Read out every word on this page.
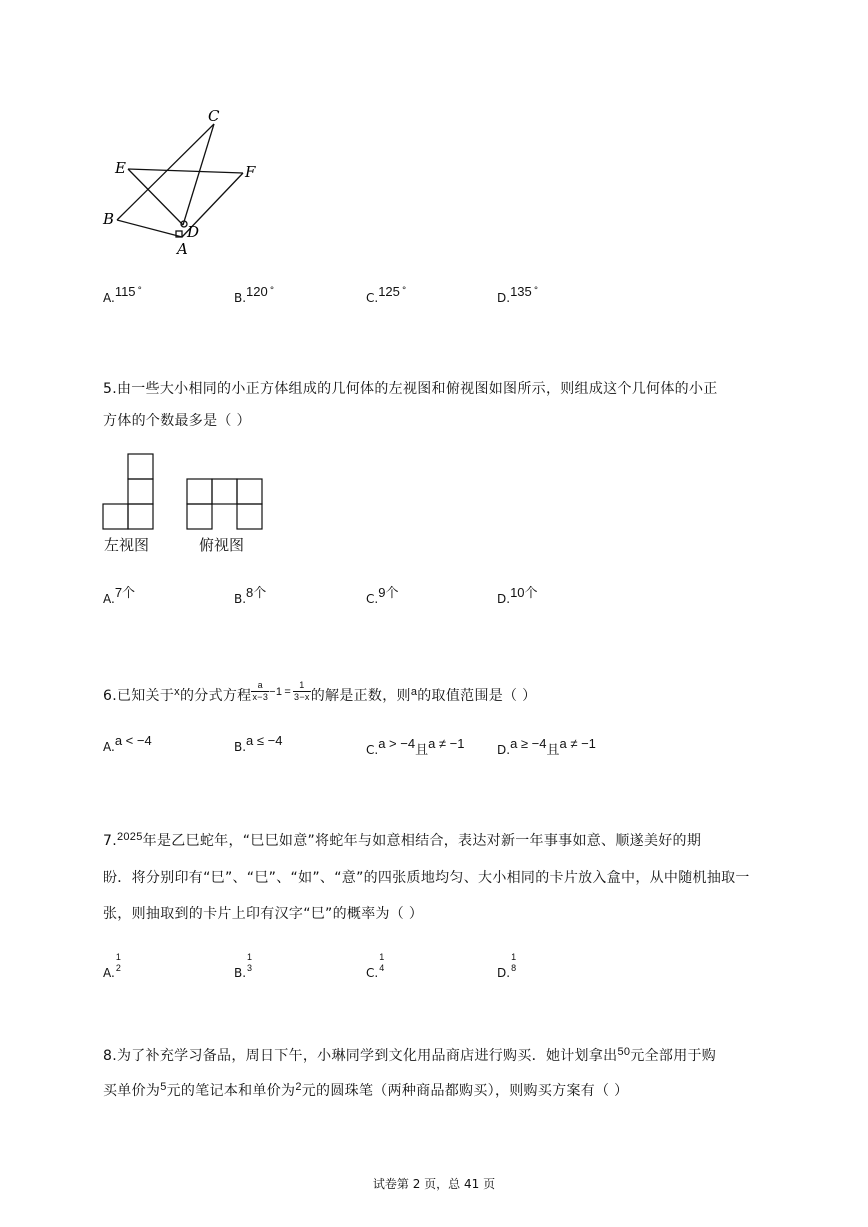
C
E	F
B
D
A
A.115 °	B.120 °	C.125 °	D.135 °
5.由一些大小相同的小正方体组成的几何体的左视图和俯视图如图所示，则组成这个几何体的小正
方体的个数最多是（ ）
左视图	俯视图
A.7个	B.8个	C.9个	D.10个
6.已知关于$^x$的分式方程 $\frac{a}{x-3} ^{-1}$ $^= \frac{1}{3-x}$ 的解是正数，则$^a$的取值范围是（ ）
A.a < −4	B.a ≤ −4
C.a > −4且a ≠ −1	D.a ≥ −4且a ≠ −1
7.$^{2025}$年是乙巳蛇年，“巳巳如意”将蛇年与如意相结合，表达对新一年事事如意、顺遂美好的期
盼．将分别印有“巳”、“巳”、“如”、“意”的四张质地均匀、大小相同的卡片放入盒中，从中随机抽取一
张，则抽取到的卡片上印有汉字“巳”的概率为（ ）
A.
1
2	B.
1
3	C.
1
4	D.
1
8
8.为了补充学习备品，周日下午，小琳同学到文化用品商店进行购买．她计划拿出$^{50}$元全部用于购
买单价为$^5$元的笔记本和单价为$^2$元的圆珠笔（两种商品都购买），则购买方案有（ ）
试卷第 2 页，总 41 页
